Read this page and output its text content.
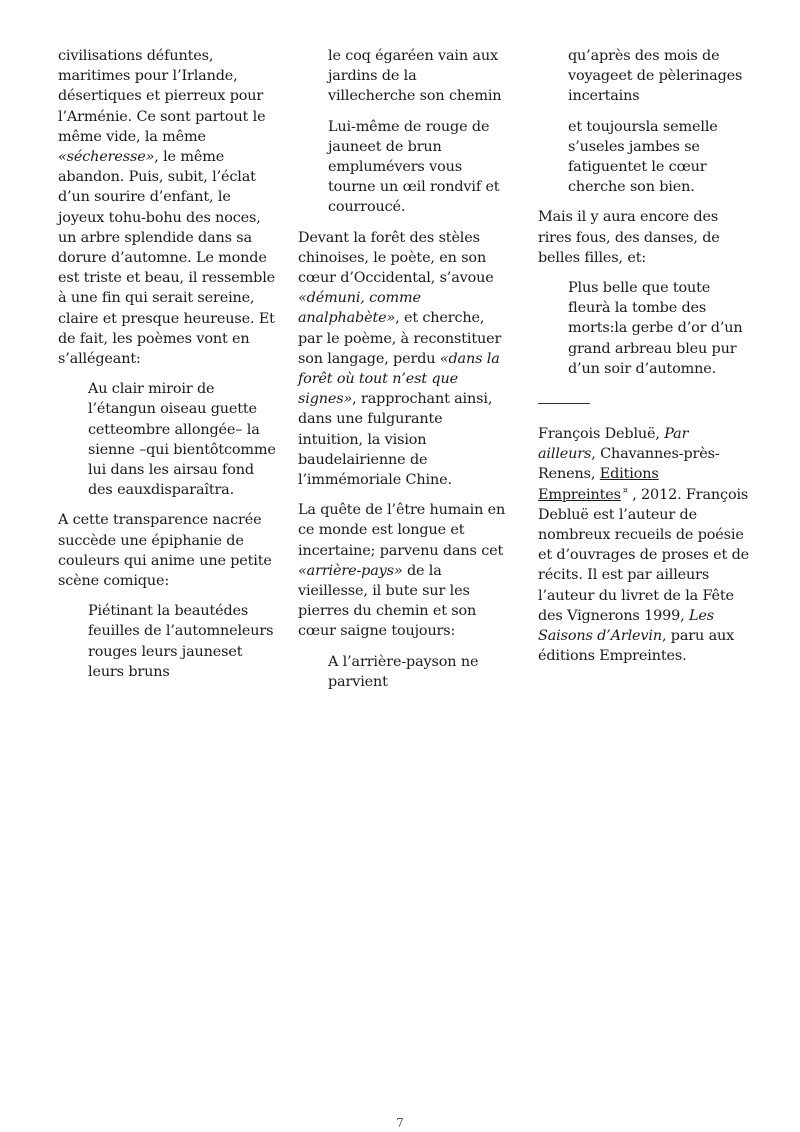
civilisations défuntes, maritimes pour l’Irlande, désertiques et pierreux pour l’Arménie. Ce sont partout le même vide, la même «sécheresse», le même abandon. Puis, subit, l’éclat d’un sourire d’enfant, le joyeux tohu-bohu des noces, un arbre splendide dans sa dorure d’automne. Le monde est triste et beau, il ressemble à une fin qui serait sereine, claire et presque heureuse. Et de fait, les poèmes vont en s’allégeant:

Au clair miroir de l’étangun oiseau guette cetteombre allongée– la sienne –qui bientôtcomme lui dans les airsau fond des eauxdisparaîtra.

A cette transparence nacrée succède une épiphanie de couleurs qui anime une petite scène comique:

Piétinant la beautédes feuilles de l’automneleurs rouges leurs jauneset leurs bruns
le coq égaréen vain aux jardins de la villecherche son chemin
Lui-même de rouge de jauneet de brun emplumévers vous tourne un œil rondvif et courroucé.

Devant la forêt des stèles chinoises, le poète, en son cœur d’Occidental, s’avoue «démuni, comme analphabète», et cherche, par le poème, à reconstituer son langage, perdu «dans la forêt où tout n’est que signes», rapprochant ainsi, dans une fulgurante intuition, la vision baudelairienne de l’immémoriale Chine.

La quête de l’être humain en ce monde est longue et incertaine; parvenu dans cet «arrière-pays» de la vieillesse, il bute sur les pierres du chemin et son cœur saigne toujours:

A l’arrière-payson ne parvient
qu’après des mois de voyageet de pèlerinages incertains
et toujoursla semelle s’useles jambes se fatiguentet le cœur cherche son bien.

Mais il y aura encore des rires fous, des danses, de belles filles, et:

Plus belle que toute fleurà la tombe des morts:la gerbe d’or d’un grand arbreau bleu pur d’un soir d’automne.

François Debluë, Par ailleurs, Chavannes-près-Renens, Editions Empreintes ¤ , 2012. François Debluë est l’auteur de nombreux recueils de poésie et d’ouvrages de proses et de récits. Il est par ailleurs l’auteur du livret de la Fête des Vignerons 1999, Les Saisons d’Arlevin, paru aux éditions Empreintes.

7
